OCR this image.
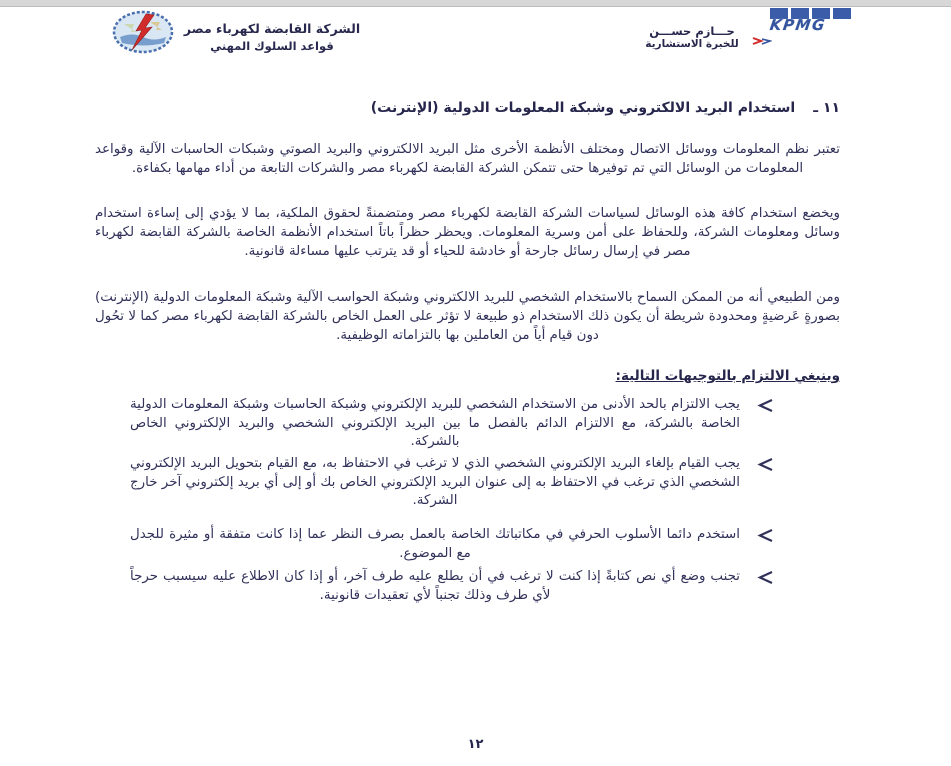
الشركة القابضة لكهرباء مصر
قواعد السلوك المهني
KPMG
حـــازم حســـن
للخبرة الاستشارية
١١ ـ
استخدام البريد الالكتروني وشبكة المعلومات الدولية (الإنترنت)

تعتبر نظم المعلومات ووسائل الاتصال ومختلف الأنظمة الأخرى مثل البريد الالكتروني والبريد الصوتي وشبكات الحاسبات الآلية وقواعد المعلومات من الوسائل التي تم توفيرها حتى تتمكن الشركة القابضة لكهرباء مصر والشركات التابعة من أداء مهامها بكفاءة.

ويخضع استخدام كافة هذه الوسائل لسياسات الشركة القابضة لكهرباء مصر ومتضمنةً لحقوق الملكية، بما لا يؤدي إلى إساءة استخدام وسائل ومعلومات الشركة، وللحفاظ على أمن وسرية المعلومات. ويحظر حظراً باتاً استخدام الأنظمة الخاصة بالشركة القابضة لكهرباء مصر في إرسال رسائل جارحة أو خادشة للحياء أو قد يترتب عليها مساءلة قانونية.

ومن الطبيعي أنه من الممكن السماح بالاستخدام الشخصي للبريد الالكتروني وشبكة الحواسب الآلية وشبكة المعلومات الدولية (الإنترنت) بصورةٍ عَرضيةٍ ومحدودة شريطة أن يكون ذلك الاستخدام ذو طبيعة لا تؤثر على العمل الخاص بالشركة القابضة لكهرباء مصر كما لا تحُول دون قيام أياً من العاملين بها بالتزاماته الوظيفية.

وينبغي الالتزام بالتوجيهات التالية:
يجب الالتزام بالحد الأدنى من الاستخدام الشخصي للبريد الإلكتروني وشبكة الحاسبات وشبكة المعلومات الدولية الخاصة بالشركة، مع الالتزام الدائم بالفصل ما بين البريد الإلكتروني الشخصي والبريد الإلكتروني الخاص بالشركة.
يجب القيام بإلغاء البريد الإلكتروني الشخصي الذي لا ترغب في الاحتفاظ به، مع القيام بتحويل البريد الإلكتروني الشخصي الذي ترغب في الاحتفاظ به إلى عنوان البريد الإلكتروني الخاص بك أو إلى أي بريد إلكتروني آخر خارج الشركة.
استخدم دائما الأسلوب الحرفي في مكاتباتك الخاصة بالعمل بصرف النظر عما إذا كانت متفقة أو مثيرة للجدل مع الموضوع.
تجنب وضع أي نص كتابةً إذا كنت لا ترغب في أن يطلع عليه طرف آخر، أو إذا كان الاطلاع عليه سيسبب حرجاً لأي طرف وذلك تجنباً لأي تعقيدات قانونية.
١٢
